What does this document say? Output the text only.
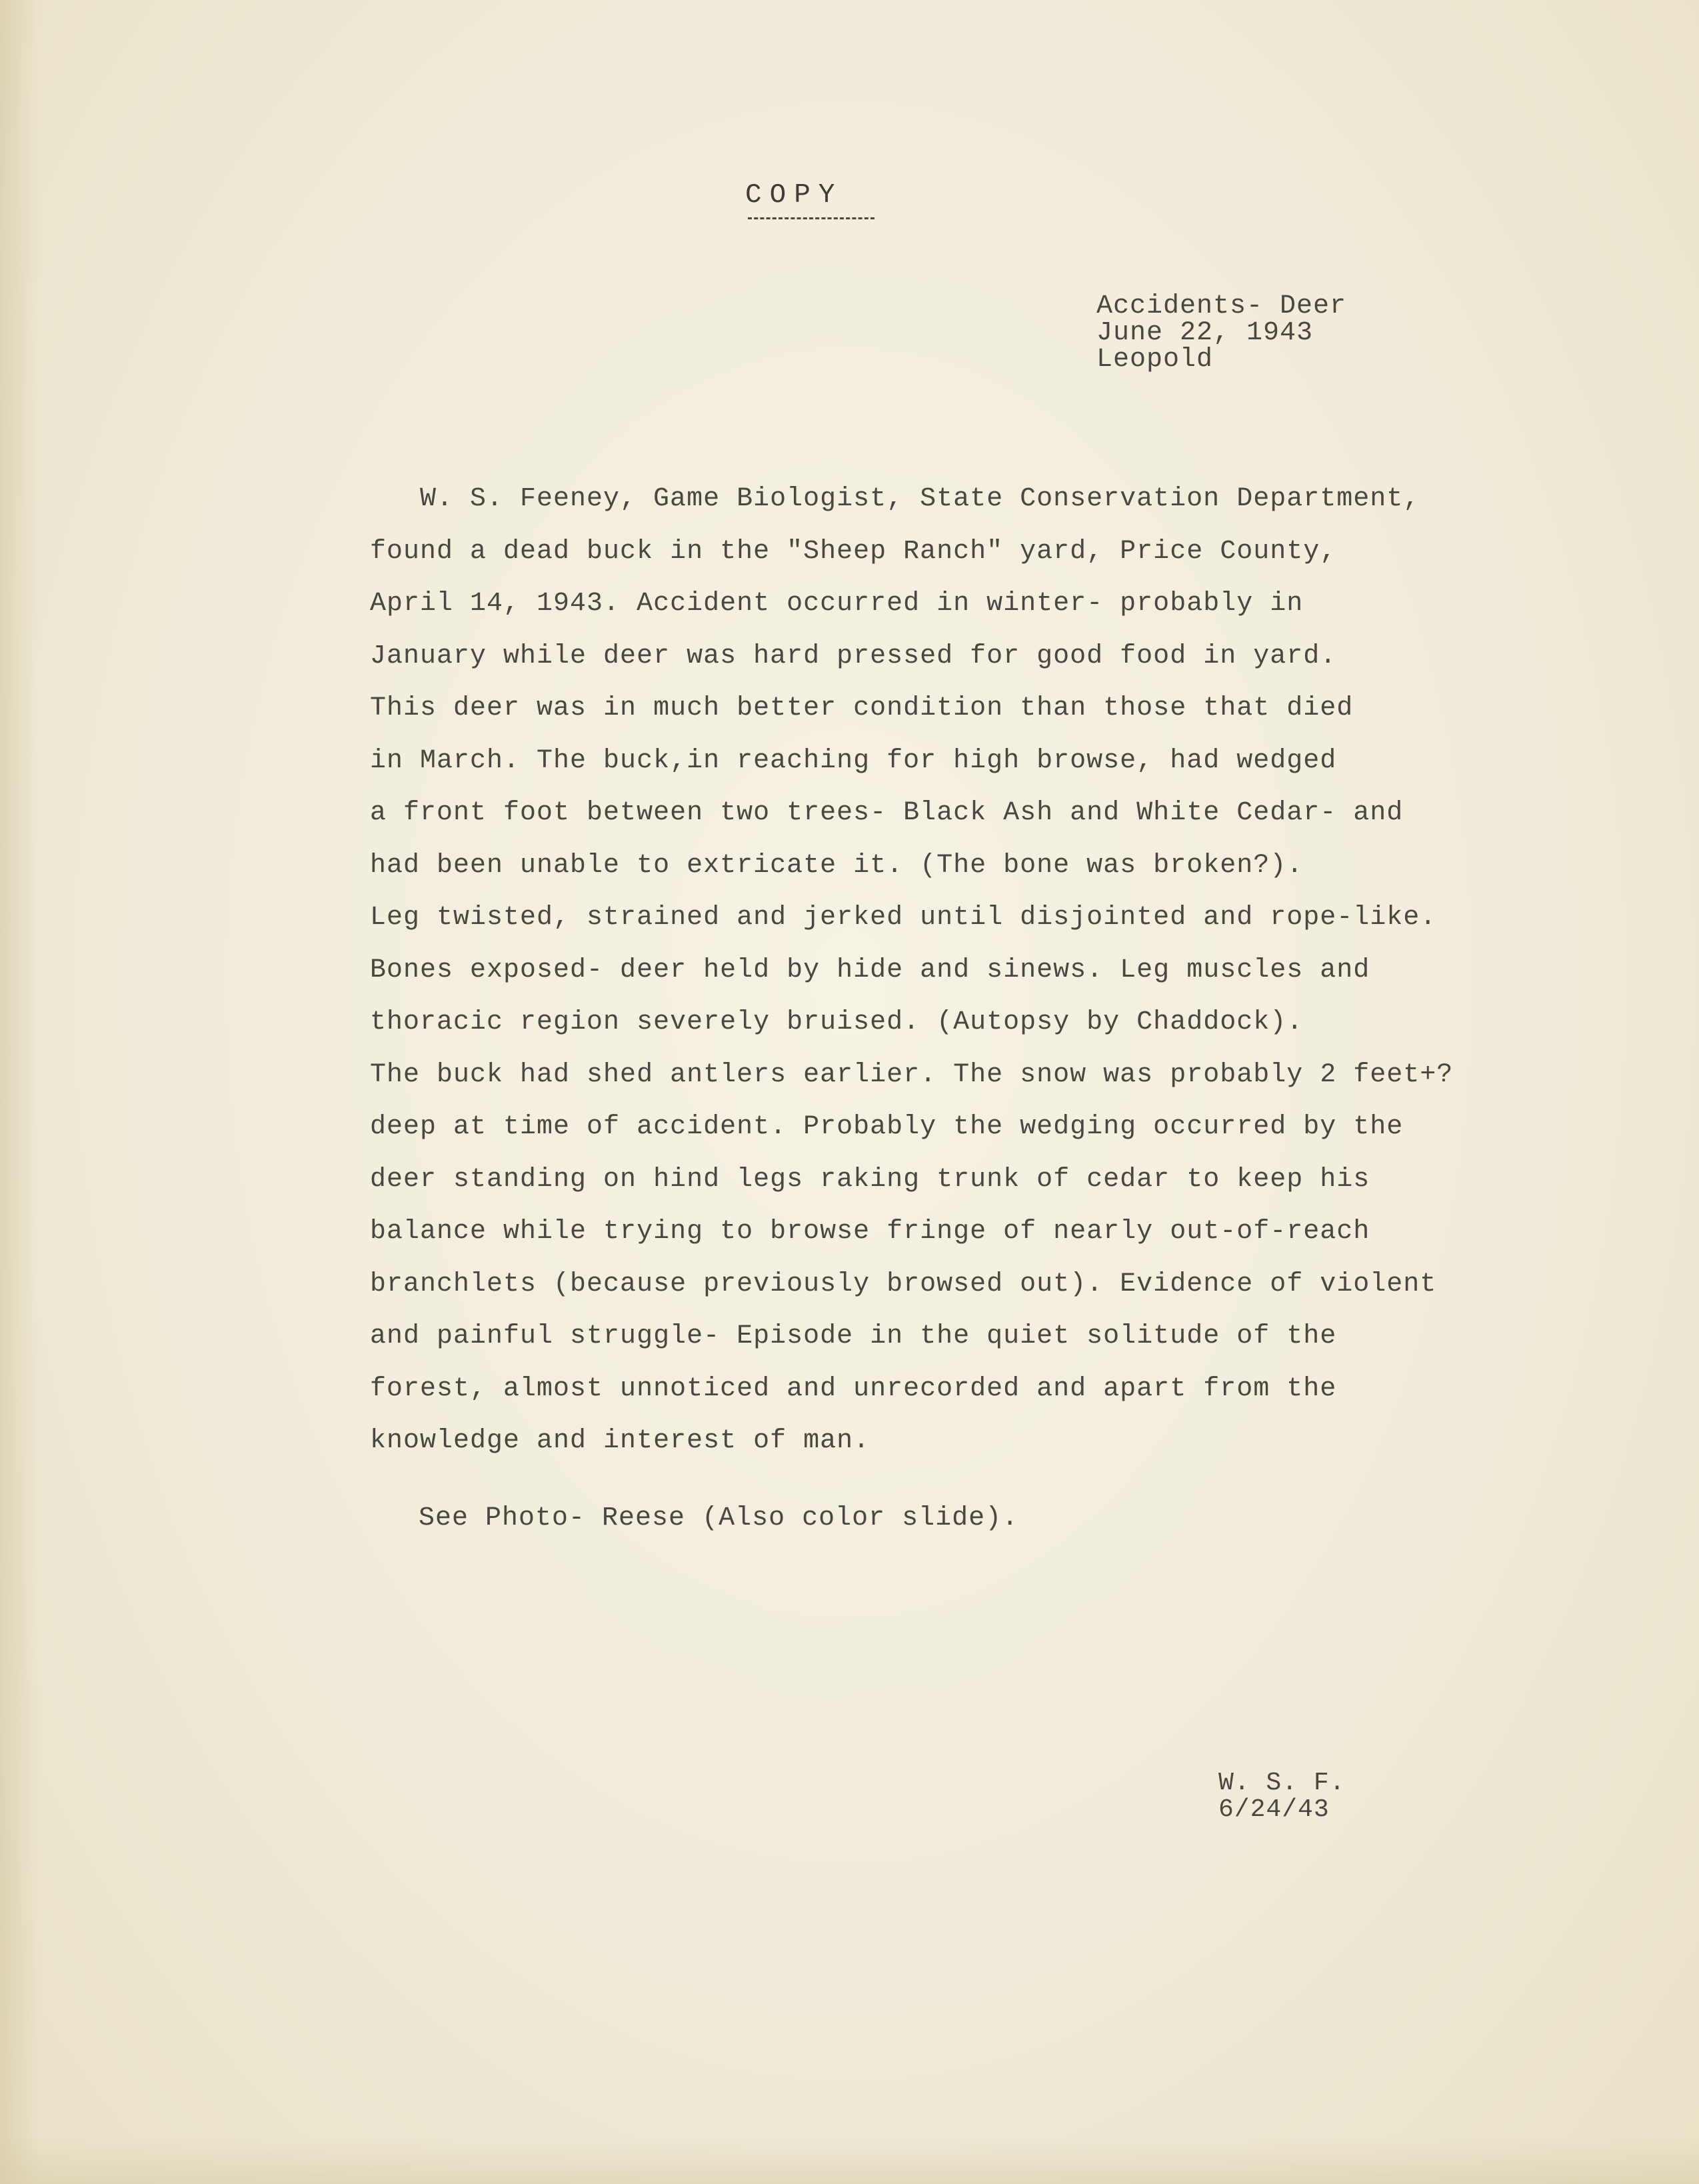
COPY
Accidents- Deer
June 22, 1943
Leopold
W. S. Feeney, Game Biologist, State Conservation Department,
found a dead buck in the "Sheep Ranch" yard, Price County,
April 14, 1943. Accident occurred in winter- probably in
January while deer was hard pressed for good food in yard.
This deer was in much better condition than those that died
in March. The buck,in reaching for high browse, had wedged
a front foot between two trees- Black Ash and White Cedar- and
had been unable to extricate it. (The bone was broken?).
Leg twisted, strained and jerked until disjointed and rope-like.
Bones exposed- deer held by hide and sinews. Leg muscles and
thoracic region severely bruised. (Autopsy by Chaddock).
The buck had shed antlers earlier. The snow was probably 2 feet+?
deep at time of accident. Probably the wedging occurred by the
deer standing on hind legs raking trunk of cedar to keep his
balance while trying to browse fringe of nearly out-of-reach
branchlets (because previously browsed out). Evidence of violent
and painful struggle- Episode in the quiet solitude of the
forest, almost unnoticed and unrecorded and apart from the
knowledge and interest of man.
See Photo- Reese (Also color slide).
W. S. F.
6/24/43
